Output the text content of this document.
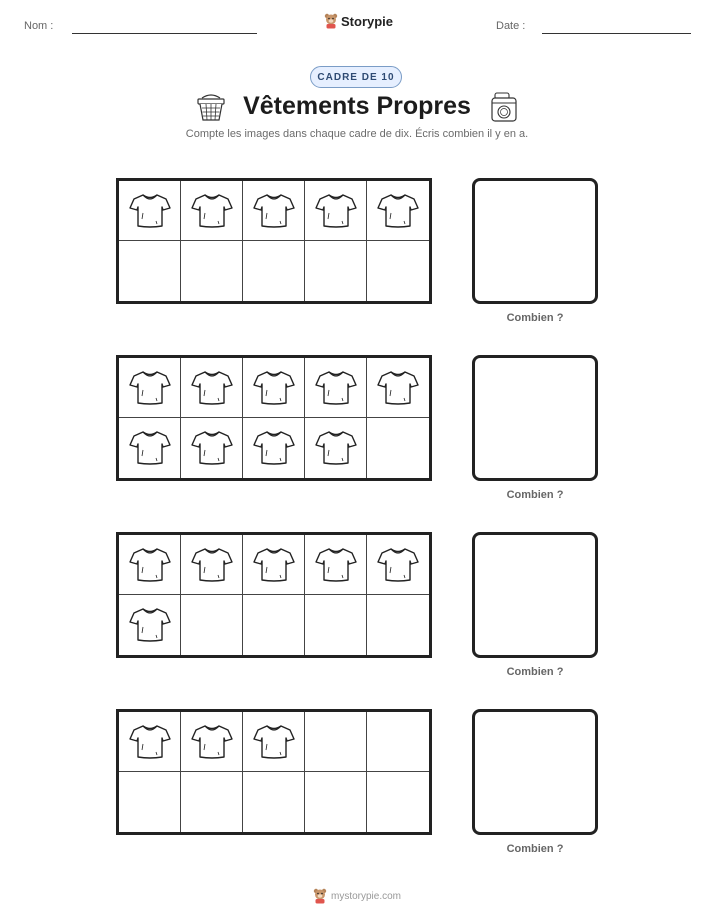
Nom :	Storypie	Date :
CADRE DE 10
Vêtements Propres
Compte les images dans chaque cadre de dix. Écris combien il y en a.
Combien ?
Combien ?
Combien ?
Combien ?
mystorypie.com
